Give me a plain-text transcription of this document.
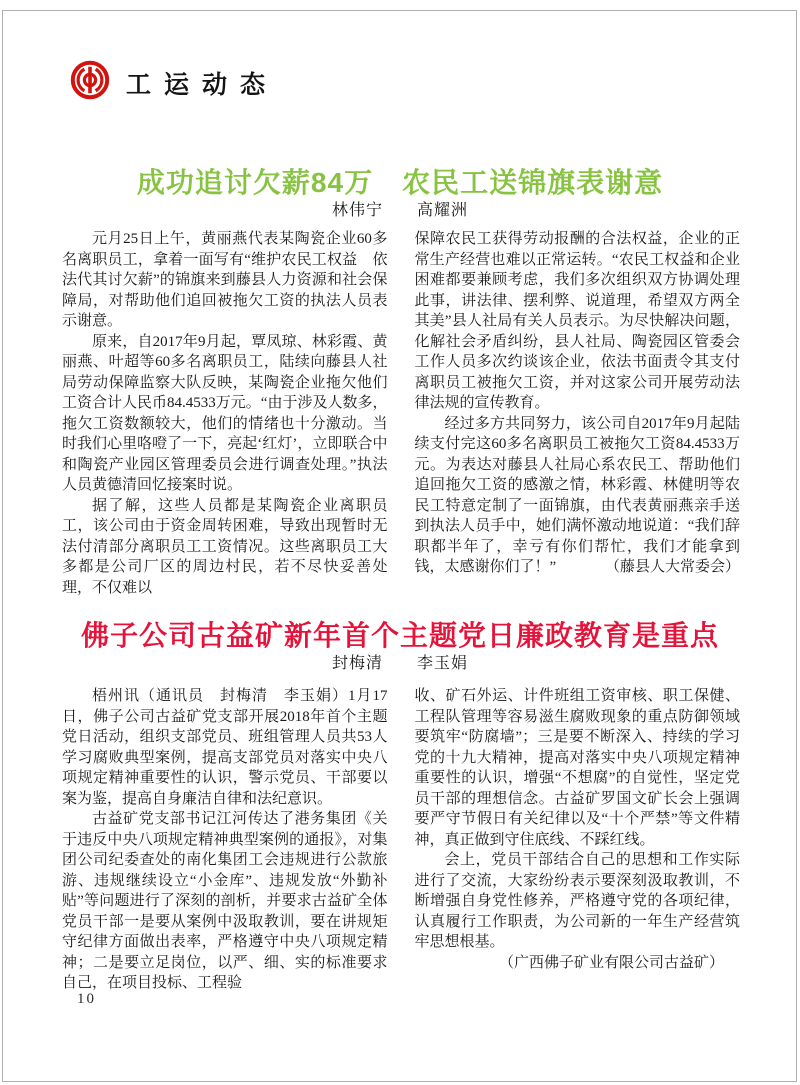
工运动态
成功追讨欠薪84万　农民工送锦旗表谢意
林伟宁　　高耀洲

元月25日上午，黄丽燕代表某陶瓷企业60多名离职员工，拿着一面写有“维护农民工权益　依法代其讨欠薪”的锦旗来到藤县人力资源和社会保障局，对帮助他们追回被拖欠工资的执法人员表示谢意。

原来，自2017年9月起，覃凤琼、林彩霞、黄丽燕、叶超等60多名离职员工，陆续向藤县人社局劳动保障监察大队反映，某陶瓷企业拖欠他们工资合计人民币84.4533万元。“由于涉及人数多，拖欠工资数额较大，他们的情绪也十分激动。当时我们心里咯噔了一下，亮起‘红灯’，立即联合中和陶瓷产业园区管理委员会进行调查处理。”执法人员黄德清回忆接案时说。

据了解，这些人员都是某陶瓷企业离职员工，该公司由于资金周转困难，导致出现暂时无法付清部分离职员工工资情况。这些离职员工大多都是公司厂区的周边村民，若不尽快妥善处理，不仅难以

保障农民工获得劳动报酬的合法权益，企业的正常生产经营也难以正常运转。“农民工权益和企业困难都要兼顾考虑，我们多次组织双方协调处理此事，讲法律、摆利弊、说道理，希望双方两全其美”县人社局有关人员表示。为尽快解决问题，化解社会矛盾纠纷，县人社局、陶瓷园区管委会工作人员多次约谈该企业，依法书面责令其支付离职员工被拖欠工资，并对这家公司开展劳动法律法规的宣传教育。

经过多方共同努力，该公司自2017年9月起陆续支付完这60多名离职员工被拖欠工资84.4533万元。为表达对藤县人社局心系农民工、帮助他们追回拖欠工资的感激之情，林彩霞、林健明等农民工特意定制了一面锦旗，由代表黄丽燕亲手送到执法人员手中，她们满怀激动地说道：“我们辞职都半年了，幸亏有你们帮忙，我们才能拿到钱，太感谢你们了！”	（藤县人大常委会）

佛子公司古益矿新年首个主题党日廉政教育是重点
封梅清　　李玉娟

梧州讯（通讯员　封梅清　李玉娟）1月17日，佛子公司古益矿党支部开展2018年首个主题党日活动，组织支部党员、班组管理人员共53人学习腐败典型案例，提高支部党员对落实中央八项规定精神重要性的认识，警示党员、干部要以案为鉴，提高自身廉洁自律和法纪意识。

古益矿党支部书记江河传达了港务集团《关于违反中央八项规定精神典型案例的通报》，对集团公司纪委查处的南化集团工会违规进行公款旅游、违规继续设立“小金库”、违规发放“外勤补贴”等问题进行了深刻的剖析，并要求古益矿全体党员干部一是要从案例中汲取教训，要在讲规矩守纪律方面做出表率，严格遵守中央八项规定精神；二是要立足岗位，以严、细、实的标准要求自己，在项目投标、工程验

收、矿石外运、计件班组工资审核、职工保健、工程队管理等容易滋生腐败现象的重点防御领域要筑牢“防腐墙”；三是要不断深入、持续的学习党的十九大精神，提高对落实中央八项规定精神重要性的认识，增强“不想腐”的自觉性，坚定党员干部的理想信念。古益矿罗国文矿长会上强调要严守节假日有关纪律以及“十个严禁”等文件精神，真正做到守住底线、不踩红线。

会上，党员干部结合自己的思想和工作实际进行了交流，大家纷纷表示要深刻汲取教训，不断增强自身党性修养，严格遵守党的各项纪律，认真履行工作职责，为公司新的一年生产经营筑牢思想根基。

（广西佛子矿业有限公司古益矿）

10
